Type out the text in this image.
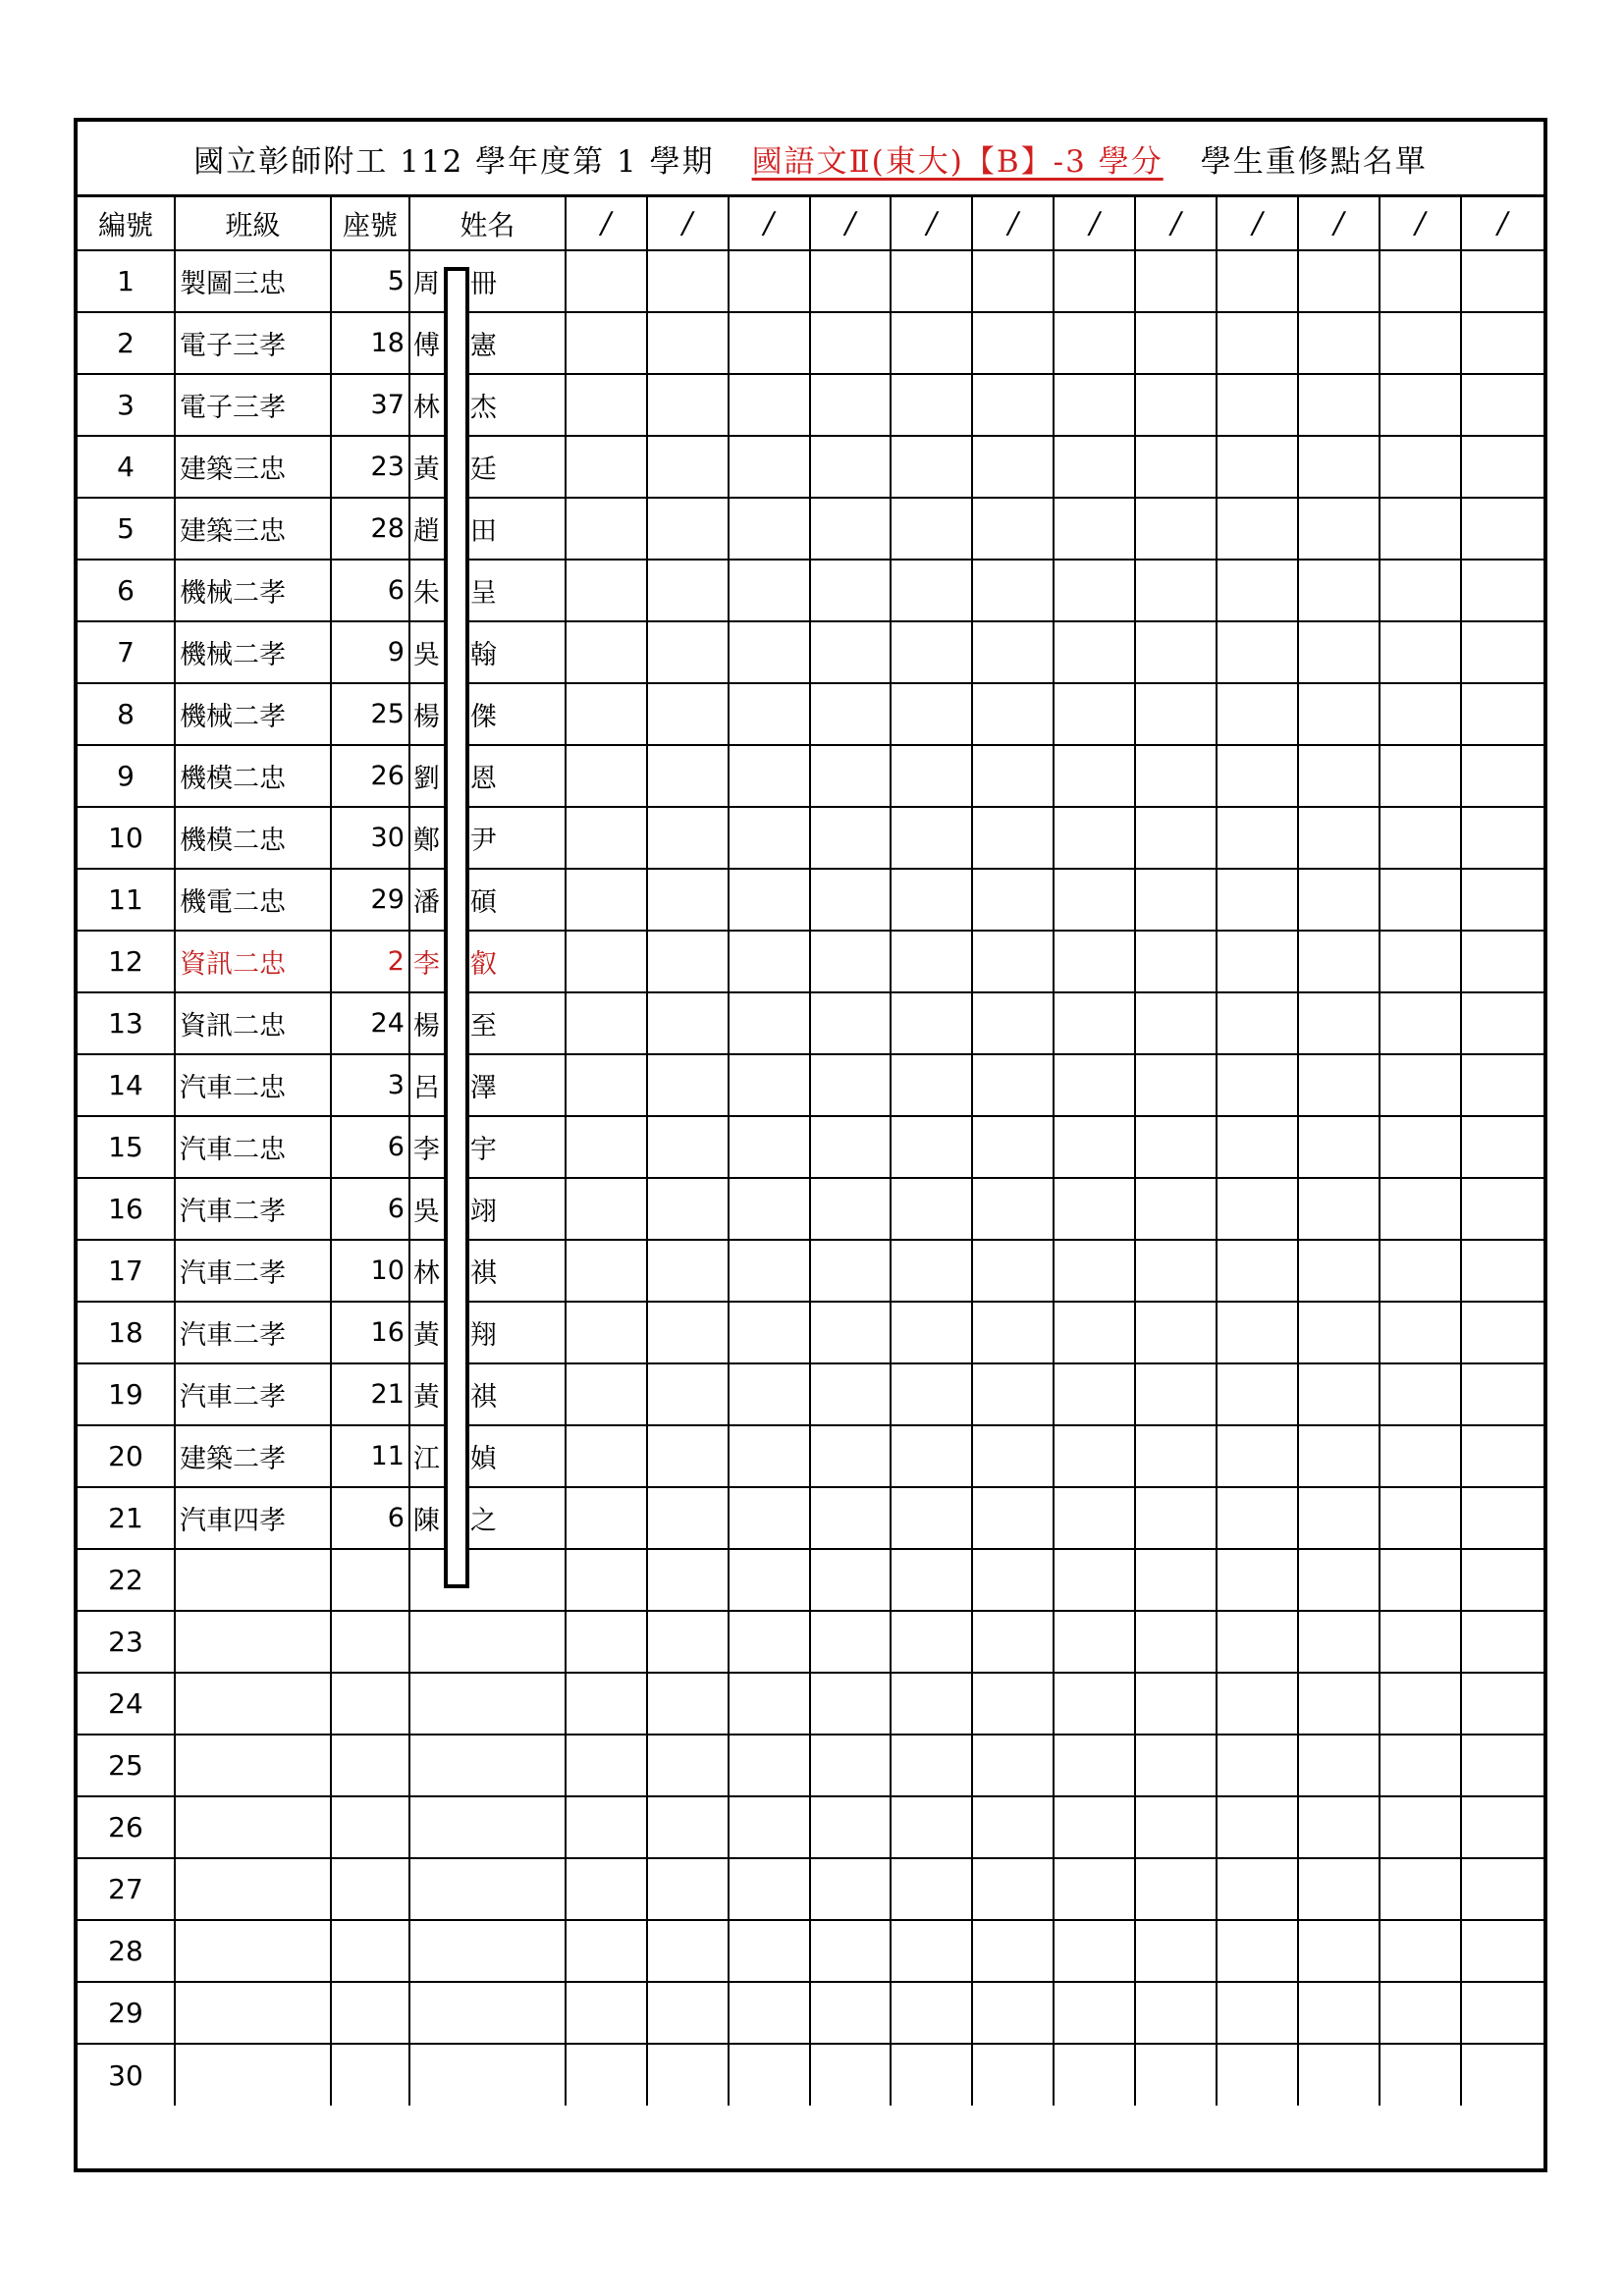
國立彰師附工 112 學年度第 1 學期 國語文Ⅱ(東大)【B】-3 學分 學生重修點名單
編號	班級	座號	姓名	/	/	/	/	/	/	/	/	/	/	/	/
1	製圖三忠	5	周 冊												
2	電子三孝	18	傅 憲												
3	電子三孝	37	林 杰												
4	建築三忠	23	黃 廷												
5	建築三忠	28	趙 田												
6	機械二孝	6	朱 呈												
7	機械二孝	9	吳 翰												
8	機械二孝	25	楊 傑												
9	機模二忠	26	劉 恩												
10	機模二忠	30	鄭 尹												
11	機電二忠	29	潘 碩												
12	資訊二忠	2	李 叡												
13	資訊二忠	24	楊 至												
14	汽車二忠	3	呂 澤												
15	汽車二忠	6	李 宇												
16	汽車二孝	6	吳 翊												
17	汽車二孝	10	林 祺												
18	汽車二孝	16	黃 翔												
19	汽車二孝	21	黃 祺												
20	建築二孝	11	江 媜												
21	汽車四孝	6	陳 之												
22															
23															
24															
25															
26															
27															
28															
29															
30															
